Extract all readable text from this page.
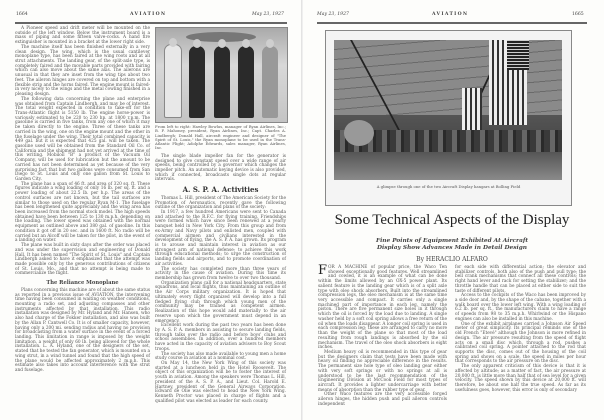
1664	AVIATION	May 23, 1927

A Pioneer speed and drift meter will be mounted on the outside of the left window. Below the instrument board is a mass of piping and some fifteen valve-cocks. A hand fire extinguisher is mounted in a bracket at the lower right side.

The machine itself has been finished externally in a very clean design. The wing, which is the usual cantilever monoplane type, has been faired at the wing roots and at all strut attachments. The landing gear, of the split-axle type, is completely faired and the movable parts provided with fairing which can also move about the same axis. The ailerons are unusual in that they are inset from the wing tips about two feet. The aileron hinges are covered on top and bottom with a flexible strip and the horns faired. The engine mount is faired-in very nicely to the wings and the metal cowling finished in a pleasing design.

The following data concerning the plane and enterprise was obtained from Captain Lindbergh, and may be of interest. The total weight expected in condition to take-off for the Trans-Atlantic flight is 5150 lb. The engine horse-power is variously estimated to be 220 to 230 hp. at 1800 r.p.m. The gasoline is carried in five tanks, from any one of which it may be taken directly to the engine. Three of these tanks are carried in the wing, one on the engine mount and the other in the fuselage under the wing. Their total combined capacity is 449 gal. but it is expected that 425 gal. will be taken. The gasoline used will be obtained from the Standard Oil Co. of California and the shipment had not yet arrived at the time of this writing. Mobiloil "B" a product of the Vacuum Oil Company, will be used for lubrication but the amount to be carried has not been determined as yet because of the very surprising fact that but two gallons were consumed from San Diego to St. Louis and only one gallon from St. Louis to Garden City.

The plane has a span of 46 ft. and area of 320 sq. ft. These figures indicate a wing loading of only 16 lb. per sq. ft. and a power loading of about 22.5 lb. per h.p. The areas of the control surfaces are not known, but the tail surfaces are similar to those used on the regular Ryan M-1. The fuselage has been lengthened quite appreciably and the wing area has been increased from the normal stock model. The high speeds obtained have been between 125 to 130 m.p.h. depending on the loading. The lower speed was obtained with the normal equipment as outlined above and 380 gal. of gasoline. In this condition it got off in 20 sec. and in 1600 ft. No radio will be carried but an Alcoff will be taken for the pilot, in the event of a landing on water.

The plane was built in sixty days after the order was placed and was under the supervision and engineering of Donald Hall. It has been named "The Spirit of St. Louis" and Captain Lindbergh asked to have it emphasized that the attempt was made possible only by the generous contributions of citizens of St. Louis, Mo., and that no attempt is being made to commercialize the flight.

The Reliance Monoplane

Plans concerning this machine are of about the same status as reported in a previous issue of AVIATION, the intervening time having been consumed in waiting on weather conditions, mounting a radio set, and adjusting compasses and other instruments affected by that installation. This radio installation was designed by Mr. Hyland and Mr. Hansen, who also had charge of the Fokker installation, and also was built by the Allan P. Cantwell Co. It is of smaller capacity, however, having only a 200 mi. sending radius and having no provision for broadcasting from a water surface in the event of a forced landing. This limitation in range is imposed by the weight limitation, a weight of only 60 lb. being allowed for the whole installation. L. A. Hyland, one of the designers of the set, stated that he tested the fan generator, which is mounted on a wing strut, in a wind tunnel and found that the high speed of the plane would be affected approximately 2 m.p.h. This estimate also takes into account interference with the strut and fuselage.

From left to right: Hawley Bowlus, manager of Ryan Airlines, Inc.; B. F. Mahoney, president, Ryan Airlines, Inc.; Capt. Charles A. Lindbergh; Donald Hall, aircraft engineer and designer of "The Spirit of St. Louis," the Ryan monoplane to be used in the Trans-Atlantic Flight; Adolphe Edwards, sales manager, Ryan Airlines, Inc.

The single blade impeller fan for the generator is designed to give constant speed over a wide range of air speeds, being controlled by a governor which changes the impeller pitch. An automatic keying device is also provided, which if connected, broadcasts single dots at regular intervals.

A. S. P. A. Activities

Thomas L. Hill, president of The American Society for the Promotion of Aeronautics, recently gave the following outline of the organization and plans of the society:

In 1917, a few hundred Americans were sent to Canada and attached to the R.F.C. for flying training. Friendships were formed which have since been renewed at a yearly banquet held in New York City. From this group and from ex-Army and Navy pilots and enlisted men, coupled with commercial airmen and civilians interested in the development of flying, the A. S. P. A. has grown. Its program is to arouse and maintain interest in aviation as our strongest arm of national defense; to achieve this work through educational methods; to urge the construction of landing fields and airports, and to promote coordination of air activities.

The society has completed more than three years of activity in the cause of aviation. During this time its membership has grown from twelve to over two thousand.

Organization plans call for a national headquarters, state squadrons, and local flights, thus maintaining an outline of the Air Corps military organization. It is hoped that ultimately every flight organized will develop into a full fledged flying club through which young men of the community may be trained as competent airmen. Realization of this hope would add materially to the air reserve upon which the government must depend in an emergency.

Excellent work during the past two years has been done by A. S. P. A. members in assisting to secure landing fields, through talks over the radio and before boys' clubs and school assemblies. In addition, over a hundred members have acted in the capacity of aviation advisers to Boy Scout troops.

The society has also made available to young men a home study course in aviation at a nominal cost.

On May 14, the New York Wing of this society was started at a luncheon held in the Hotel Roosevelt. The object of this organization will be to foster the interest of youth in aviation. Among the speakers were Thomas L. Hill, president of the A. S. P. A., and Lieut. Col. Harold E. Hartney, president of the General Airways Corporation. Edward de Olie was elected to head the New York Wing. Kenneth Proctor was placed in charge of flights and a qualified pilot was elected as leader for each county.

May 23, 1927	AVIATION	1665
A glimpse through one of the two Aircraft Display hangars at Bolling Field
Some Technical Aspects of the Display
Fine Points of Equipment Exhibited At Aircraft
Display Show Advances Made in Detail Design
By HERACLIO ALFARO

FOR A MACHINE of popular price, the Waco Ten showed exceptionally good features. Well streamlined and cowled, it is an example of what can be done within the limits allowed by an OX-5 power plant. Its salient feature is the landing gear which is of a split axle type with oleo shock absorbers. Built into the streamlined compression legs, the oleo mechanism is at the same time very accessible and compact. It carries only a single machined part of importance in each leg, namely the piston. There are five permanent size holes in it through which the oil is forced by the load due to landing. A single washer held by a soft coil spring allows a free return of the oil when the loads disappear. A longer coil spring is used in each compression leg; these are arranged to carry no more than the weight of the plane so that most of the load resulting from rough landings is absorbed by the oil mechanism. The travel of the oleo shock absorbers is eight inches.

Medium heavy oil is recommended in this type of gear but the designers claim that tests have been made with heavy oil finding no appreciable difference in the results. The permanent size hole type of oleo landing gear either with very soft springs or with no springs at all is understood to be the last recommendation of the Engineering Division at McCook Field for most types of aircraft. It provides a lighter undercarriage with better means of absorption than the rubber type of gear.

Other Waco features are the very accessible forged aileron hinges, the hidden push and pull aileron controls independent

for each side with differential action; the elevator and stabilizer controls, both also of the push and pull type; the bell crank mechanisms that connect all these controls; the right hand lever and rack for setting the stabilizer; and the throttle handle that can be placed at either side to suit the taste of different pilots.

Access to the cockpits of the Waco has been improved by a side door and, by the shape of the cabane, together with a walk board over the lower left wing. With a wing loading of 6.2 lb. per sq. ft., the manufacturers claim to have a range of speeds from 98 to 35 m.p.h. Whirlwind or the Hispano engines can also be installed in this machine.

One of the exhibit airplanes carried a Johnson Air Speed meter of great simplicity. Its principal reminds one of the old French "Etevé" although the Johnson is more refined in design. The air pressure resulting from the speed of flight acts on a small disc which, through a rod, pushes a calibrated coil spring. A pointer attached to the rod that supports the disc, comes out of the housing of the coil spring and shows on a scale, the speed in miles per hour that corresponds to the air pressure on the disc.

The only apparent criticism of this device is that it is affected by altitude; as a matter of fact, the air pressure at 20,000 ft. is little more than half that of sea level for a given velocity. The speed shown by this device at 20,000 ft. will therefore, be about one half the true speed. As far as its usefulness goes, however, this error is only of secondary
